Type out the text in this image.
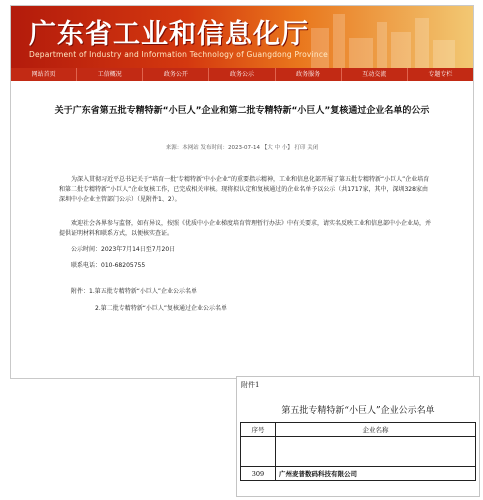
广东省工业和信息化厅
Department of Industry and Information Technology of Guangdong Province
网站首页	工信概况	政务公开	政务公示	政务服务	互动交流	专题专栏
关于广东省第五批专精特新“小巨人”企业和第二批专精特新“小巨人”复核通过企业名单的公示
来源：本网站 发布时间：2023-07-14 【大 中 小】 打印 关闭
为深入贯彻习近平总书记关于“培育一批‘专精特新’中小企业”的重要指示精神，工业和信息化部开展了第五批专精特新“小巨人”企业培育和第二批专精特新“小巨人”企业复核工作，已完成相关审核。现将拟认定和复核通过的企业名单予以公示（共1717家，其中，深圳328家由深圳中小企业主管部门公示）（见附件1、2）。
欢迎社会各界参与监督，如有异议，按照《优质中小企业梯度培育管理暂行办法》中有关要求，请实名反映工业和信息部中小企业局，并提供证明材料和联系方式，以便核实查证。
公示时间：2023年7月14日至7月20日
联系电话：010-68205755
附件：1.第五批专精特新“小巨人”企业公示名单
2.第二批专精特新“小巨人”复核通过企业公示名单
附件1
第五批专精特新“小巨人”企业公示名单
序号	企业名称

309	广州麦普数码科技有限公司
